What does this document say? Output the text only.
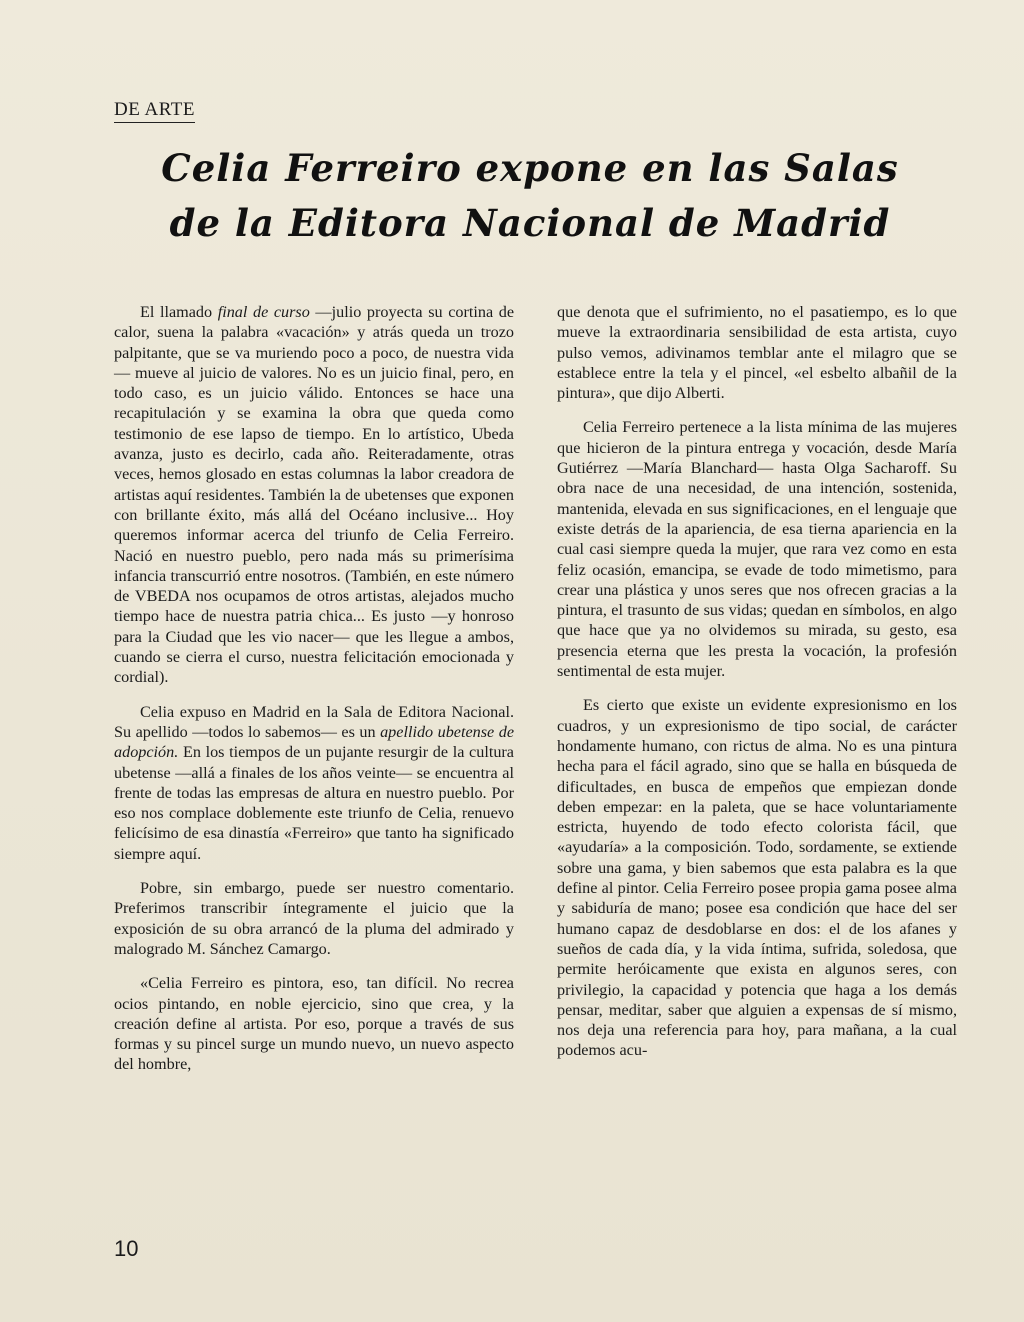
DE ARTE
Celia Ferreiro expone en las Salas
de la Editora Nacional de Madrid

El llamado final de curso —julio proyecta su cortina de calor, suena la palabra «vacación» y atrás queda un trozo palpitante, que se va muriendo poco a poco, de nuestra vida— mueve al juicio de valores. No es un juicio final, pero, en todo caso, es un juicio válido. Entonces se hace una recapitulación y se examina la obra que queda como testimonio de ese lapso de tiempo. En lo artístico, Ubeda avanza, justo es decirlo, cada año. Reiteradamente, otras veces, hemos glosado en estas columnas la labor creadora de artistas aquí residentes. También la de ubetenses que exponen con brillante éxito, más allá del Océano inclusive... Hoy queremos informar acerca del triunfo de Celia Ferreiro. Nació en nuestro pueblo, pero nada más su primerísima infancia transcurrió entre nosotros. (También, en este número de VBEDA nos ocupamos de otros artistas, alejados mucho tiempo hace de nuestra patria chica... Es justo —y honroso para la Ciudad que les vio nacer— que les llegue a ambos, cuando se cierra el curso, nuestra felicitación emocionada y cordial).

Celia expuso en Madrid en la Sala de Editora Nacional. Su apellido —todos lo sabemos— es un apellido ubetense de adopción. En los tiempos de un pujante resurgir de la cultura ubetense —allá a finales de los años veinte— se encuentra al frente de todas las empresas de altura en nuestro pueblo. Por eso nos complace doblemente este triunfo de Celia, renuevo felicísimo de esa dinastía «Ferreiro» que tanto ha significado siempre aquí.

Pobre, sin embargo, puede ser nuestro comentario. Preferimos transcribir íntegramente el juicio que la exposición de su obra arrancó de la pluma del admirado y malogrado M. Sánchez Camargo.

«Celia Ferreiro es pintora, eso, tan difícil. No recrea ocios pintando, en noble ejercicio, sino que crea, y la creación define al artista. Por eso, porque a través de sus formas y su pincel surge un mundo nuevo, un nuevo aspecto del hombre,

que denota que el sufrimiento, no el pasatiempo, es lo que mueve la extraordinaria sensibilidad de esta artista, cuyo pulso vemos, adivinamos temblar ante el milagro que se establece entre la tela y el pincel, «el esbelto albañil de la pintura», que dijo Alberti.

Celia Ferreiro pertenece a la lista mínima de las mujeres que hicieron de la pintura entrega y vocación, desde María Gutiérrez —María Blanchard— hasta Olga Sacharoff. Su obra nace de una necesidad, de una intención, sostenida, mantenida, elevada en sus significaciones, en el lenguaje que existe detrás de la apariencia, de esa tierna apariencia en la cual casi siempre queda la mujer, que rara vez como en esta feliz ocasión, emancipa, se evade de todo mimetismo, para crear una plástica y unos seres que nos ofrecen gracias a la pintura, el trasunto de sus vidas; quedan en símbolos, en algo que hace que ya no olvidemos su mirada, su gesto, esa presencia eterna que les presta la vocación, la profesión sentimental de esta mujer.

Es cierto que existe un evidente expresionismo en los cuadros, y un expresionismo de tipo social, de carácter hondamente humano, con rictus de alma. No es una pintura hecha para el fácil agrado, sino que se halla en búsqueda de dificultades, en busca de empeños que empiezan donde deben empezar: en la paleta, que se hace voluntariamente estricta, huyendo de todo efecto colorista fácil, que «ayudaría» a la composición. Todo, sordamente, se extiende sobre una gama, y bien sabemos que esta palabra es la que define al pintor. Celia Ferreiro posee propia gama posee alma y sabiduría de mano; posee esa condición que hace del ser humano capaz de desdoblarse en dos: el de los afanes y sueños de cada día, y la vida íntima, sufrida, soledosa, que permite heróicamente que exista en algunos seres, con privilegio, la capacidad y potencia que haga a los demás pensar, meditar, saber que alguien a expensas de sí mismo, nos deja una referencia para hoy, para mañana, a la cual podemos acu-

10
